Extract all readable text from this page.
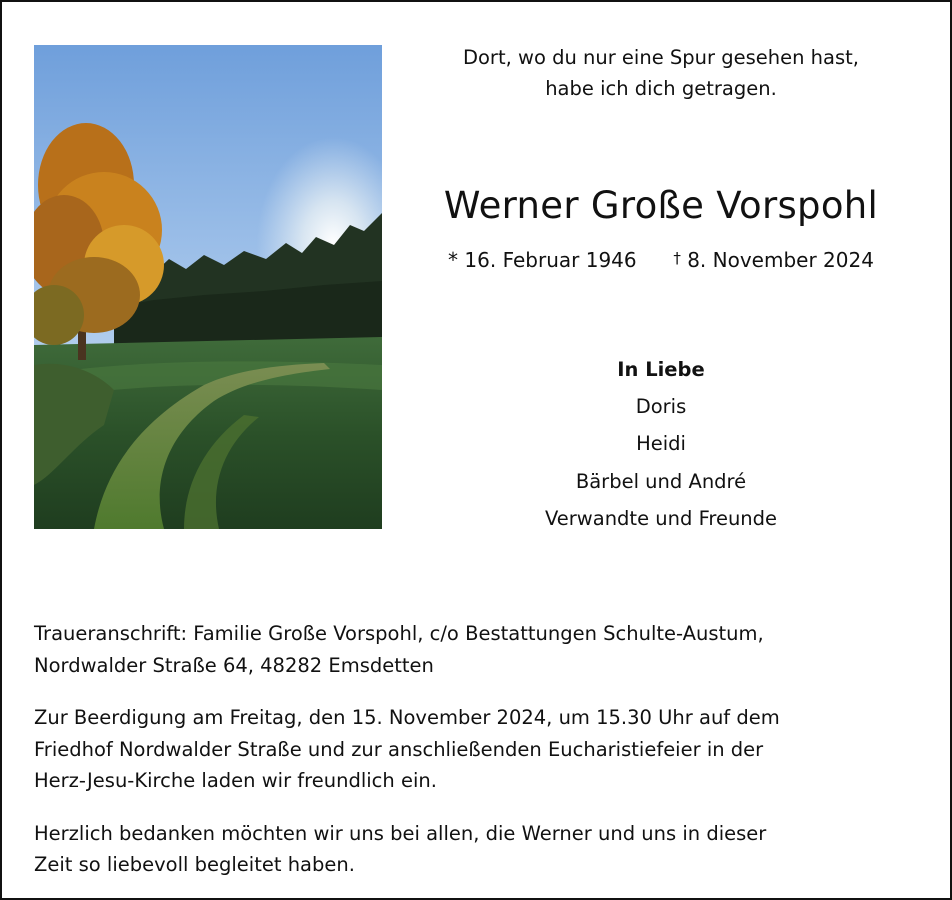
Dort, wo du nur eine Spur gesehen hast,
habe ich dich getragen.
Werner Große Vorspohl
* 16. Februar 1946 † 8. November 2024
In Liebe
Doris
Heidi
Bärbel und André
Verwandte und Freunde

Traueranschrift: Familie Große Vorspohl, c/o Bestattungen Schulte-Austum,
Nordwalder Straße 64, 48282 Emsdetten

Zur Beerdigung am Freitag, den 15. November 2024, um 15.30 Uhr auf dem
Friedhof Nordwalder Straße und zur anschließenden Eucharistiefeier in der
Herz-Jesu-Kirche laden wir freundlich ein.

Herzlich bedanken möchten wir uns bei allen, die Werner und uns in dieser
Zeit so liebevoll begleitet haben.
